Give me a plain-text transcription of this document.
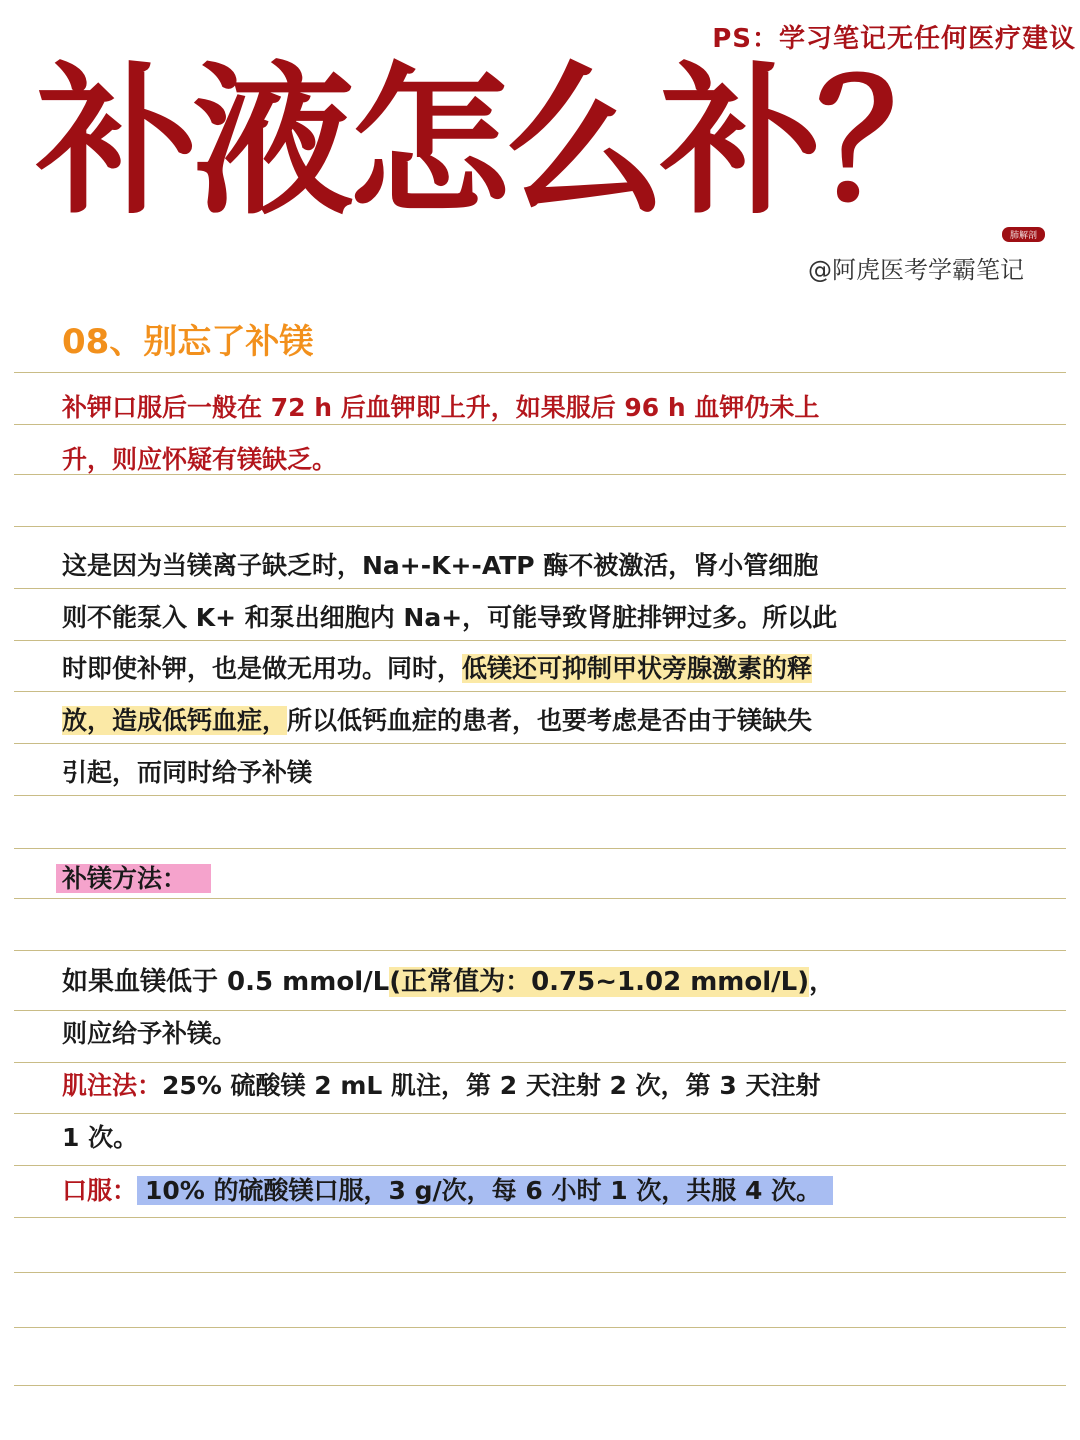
PS：学习笔记无任何医疗建议
补液怎么补？	肺解剖
@阿虎医考学霸笔记
08、别忘了补镁
补钾口服后一般在 72 h 后血钾即上升，如果服后 96 h 血钾仍未上
升，则应怀疑有镁缺乏。
这是因为当镁离子缺乏时，Na+-K+-ATP 酶不被激活，肾小管细胞
则不能泵入 K+ 和泵出细胞内 Na+，可能导致肾脏排钾过多。所以此
时即使补钾，也是做无用功。同时，低镁还可抑制甲状旁腺激素的释
放，造成低钙血症，所以低钙血症的患者，也要考虑是否由于镁缺失
引起，而同时给予补镁
补镁方法：
如果血镁低于 0.5 mmol/L(正常值为：0.75~1.02 mmol/L)，
则应给予补镁。
肌注法：25% 硫酸镁 2 mL 肌注，第 2 天注射 2 次，第 3 天注射
1 次。
口服： 10% 的硫酸镁口服，3 g/次，每 6 小时 1 次，共服 4 次。
